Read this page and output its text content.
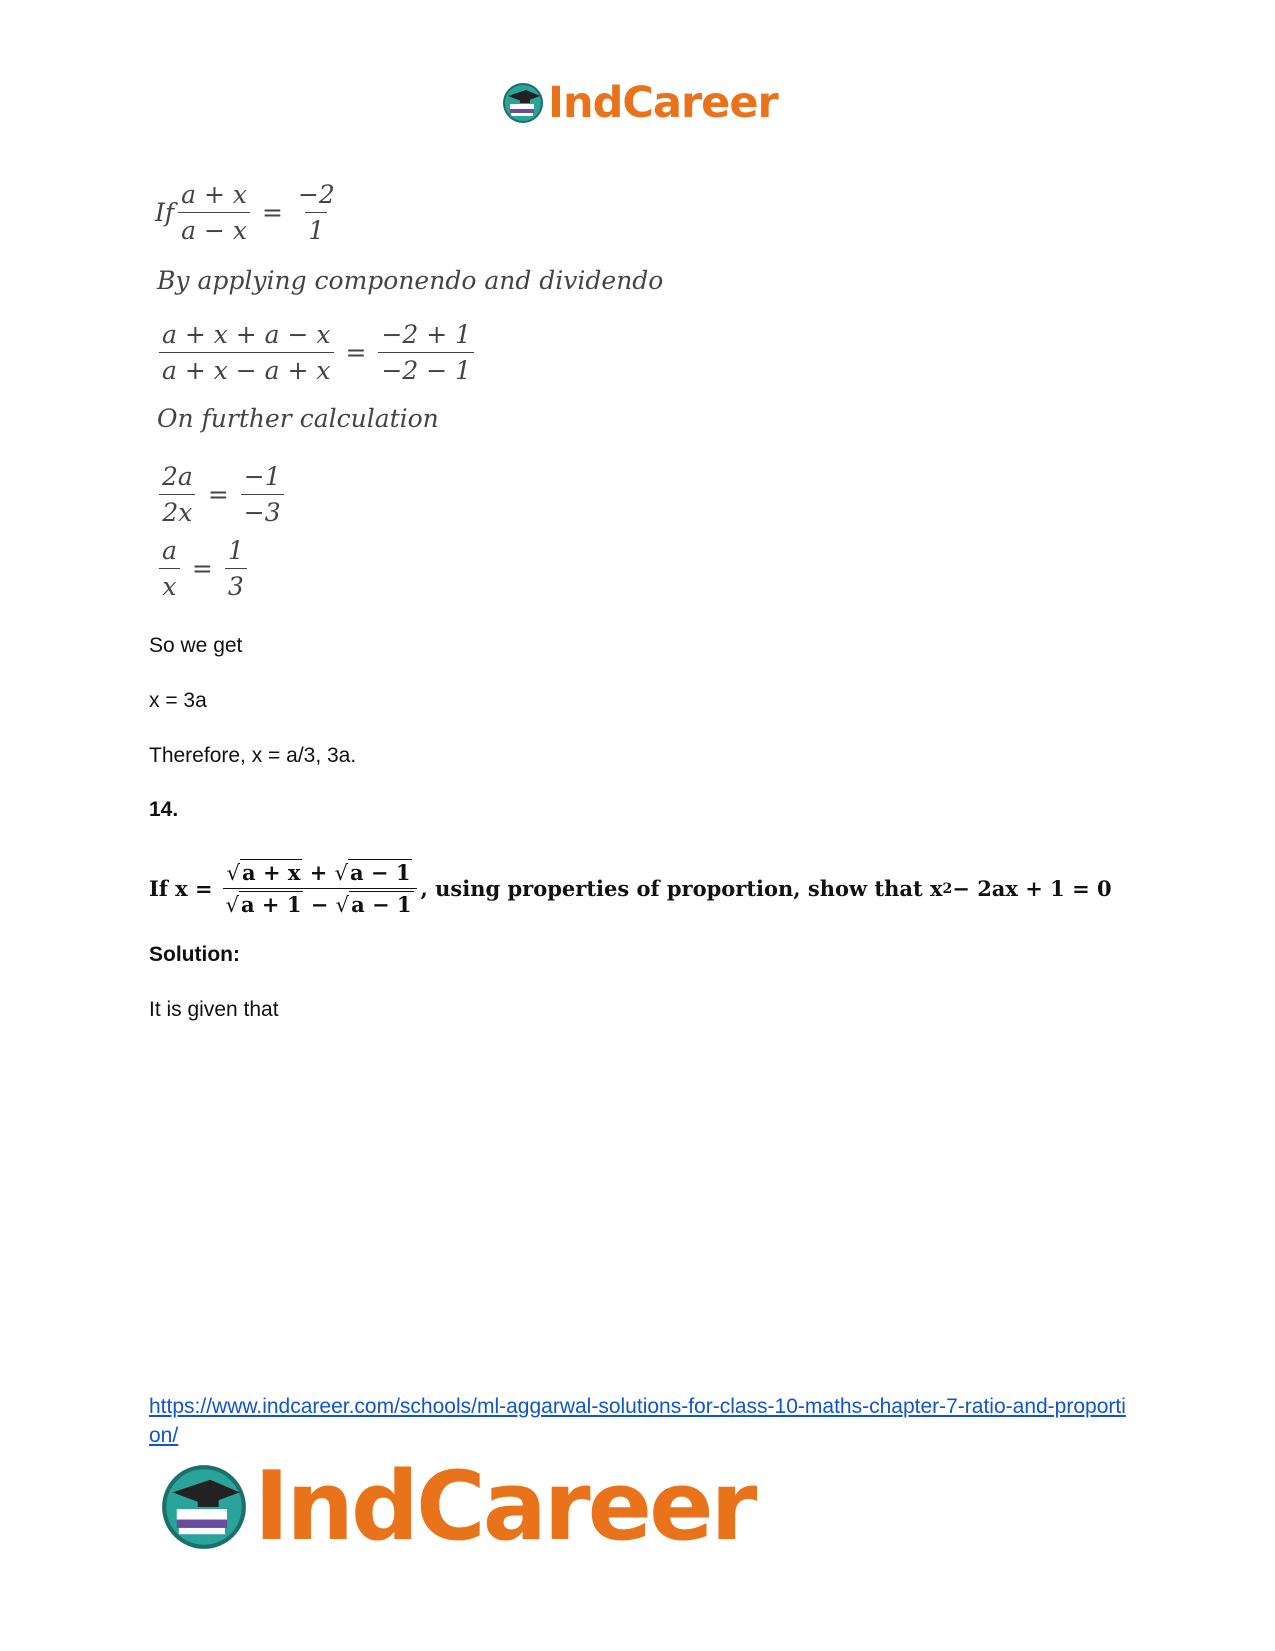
IndCareer
If $\frac{a + x}{a - x} = \frac{-2}{1}$
By applying componendo and dividendo
$\frac{a + x + a - x}{a + x - a + x} = \frac{-2 + 1}{-2 - 1}$
On further calculation
$\frac{2a}{2x} = \frac{-1}{-3}$
$\frac{a}{x} = \frac{1}{3}$
So we get
x = 3a
Therefore, x = a/3, 3a.
14.
If $x = \frac{√a + x + √a - 1}{√a + 1 - √a - 1}$ , using properties of proportion, show that x 2 − 2ax + 1 = 0
Solution:
It is given that
https://www.indcareer.com/schools/ml-aggarwal-solutions-for-class-10-maths-chapter-7-ratio-and-proportion/
IndCareer
